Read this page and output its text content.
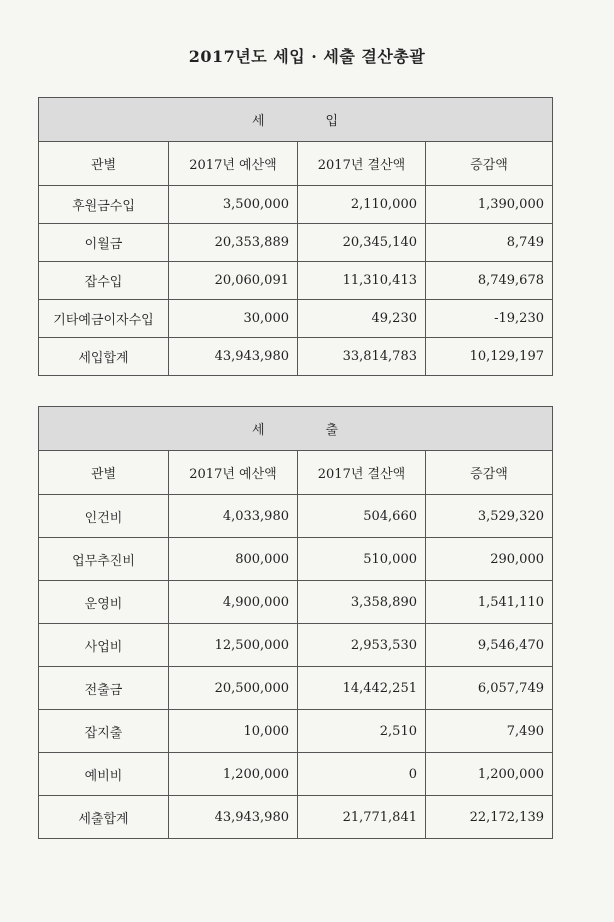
2017년도 세입 · 세출 결산총괄
세 입			
관별	2017년 예산액	2017년 결산액	증감액
후원금수입	3,500,000	2,110,000	1,390,000
이월금	20,353,889	20,345,140	8,749
잡수입	20,060,091	11,310,413	8,749,678
기타예금이자수입	30,000	49,230	-19,230
세입합계	43,943,980	33,814,783	10,129,197
세 출			
관별	2017년 예산액	2017년 결산액	증감액
인건비	4,033,980	504,660	3,529,320
업무추진비	800,000	510,000	290,000
운영비	4,900,000	3,358,890	1,541,110
사업비	12,500,000	2,953,530	9,546,470
전출금	20,500,000	14,442,251	6,057,749
잡지출	10,000	2,510	7,490
예비비	1,200,000	0	1,200,000
세출합계	43,943,980	21,771,841	22,172,139
